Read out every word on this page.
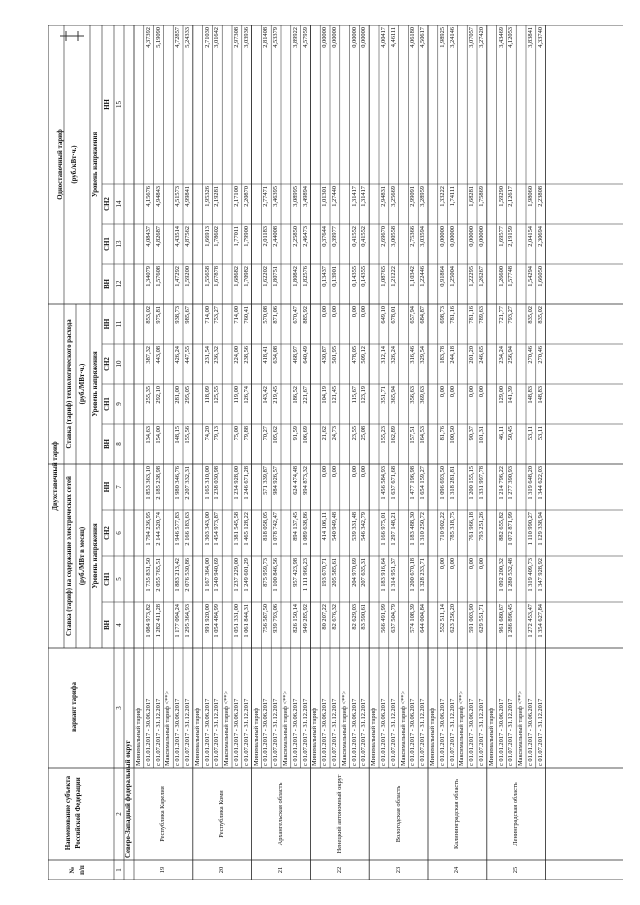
№ п/п
Наименование субъекта Российской Федерации
вариант тарифа
Двухставочный тариф
Ставка (тариф) на содержание электрических сетей (руб./МВт в месяц)
Ставка (тариф) технологического расхода (руб./МВт·ч.)
Одноставочный тариф (руб./кВт·ч.)
Уровень напряжения
Уровень напряжения
Уровень напряжения
ВН
СН1
СН2
НН
ВН
СН1
СН2
НН
ВН
СН1
СН2
НН
1
2
3
4
5
6
7
8
9
10
11
12
13
14
15
Северо-Западный федеральный округ
Минимальный тариф с 01.01.2017 - 30.06.2017
1 084 973,82
1 735 831,50
1 794 236,95
1 853 363,10
134,63
255,35
387,32
853,02
1,34079
4,08437
4,15676
4,37392
с 01.07.2017 - 31.12.2017
1 282 411,28
2 055 765,51
2 144 520,74
2 185 238,98
154,00
292,10
443,08
975,81
1,57608
4,82687
4,94843
5,19090
Максимальный тариф <**> с 01.01.2017 - 30.06.2017
1 177 094,24
1 883 213,42
1 946 577,83
1 980 346,76
148,15
281,00
426,24
938,73
1,47292
4,43514
4,51573
4,72857
с 01.07.2017 - 31.12.2017
1 295 364,93
2 076 530,86
2 166 183,63
2 207 332,31
155,56
295,05
447,55
985,67
1,59200
4,87562
4,99841
5,24333
19
Республика Карелия
Минимальный тариф с 01.01.2017 - 30.06.2017
991 920,00
1 167 364,00
1 303 343,00
1 165 310,00
74,20
118,09
231,54
714,00
1,55658
1,66913
1,95326
2,71030
с 01.07.2017 - 31.12.2017
1 054 484,99
1 240 940,69
1 454 973,87
1 238 030,98
79,13
125,55
236,32
753,27
1,67878
1,78602
2,19281
3,01642
Максимальный тариф <**> с 01.01.2017 - 30.06.2017
1 051 331,00
1 237 229,00
1 381 545,58
1 234 928,00
75,00
119,00
224,00
714,00
1,68682
1,77011
2,17100
2,97308
с 01.07.2017 - 31.12.2017
1 061 844,31
1 249 601,29
1 465 128,22
1 246 671,28
79,88
126,74
238,56
760,41
1,70982
1,79900
2,20870
3,03936
20
Республика Коми
Минимальный тариф с 01.01.2017 - 30.06.2017
756 587,50
875 959,73
818 058,05
571 339,87
70,27
143,42
418,41
570,08
1,62202
2,01183
2,77471
2,81408
с 01.07.2017 - 31.12.2017
939 793,06
1 100 846,56
1 078 742,47
984 926,57
105,62
219,45
634,08
871,06
1,80751
2,44008
3,46395
4,53379
Максимальный тариф <**> с 01.01.2017 - 30.06.2017
826 150,14
957 423,98
894 137,45
624 474,48
91,59
186,52
468,97
670,47
1,80842
2,25850
3,08995
3,89922
с 01.07.2017 - 31.12.2017
949 285,92
1 111 966,23
1 089 638,86
994 873,32
106,69
221,67
640,49
885,92
1,82576
2,46473
3,49894
4,57959
21
Архангельская область
Минимальный тариф с 01.01.2017 - 30.06.2017
80 207,22
193 670,71
414 106,11
0,00
21,62
104,19
430,87
0,00
0,13437
0,37644
1,01301
0,00000
с 01.07.2017 - 31.12.2017
82 676,32
205 585,61
540 949,48
0,00
24,73
121,45
501,95
0,00
0,13901
0,39977
1,27440
0,00000
Максимальный тариф <**> с 01.01.2017 - 30.06.2017
82 629,03
204 970,69
539 331,48
0,00
23,55
115,67
478,05
0,00
0,14355
0,41552
1,31417
0,00000
с 01.07.2017 - 31.12.2017
83 590,61
207 635,31
546 342,79
0,00
25,08
123,19
509,12
0,00
0,14355
0,41552
1,31417
0,00000
22
Ненецкий автономный округ
Минимальный тариф с 01.01.2017 - 30.06.2017
566 491,99
1 183 916,64
1 166 975,01
1 456 584,93
155,23
351,71
312,14
649,10
1,08765
2,69670
2,94831
4,00417
с 01.07.2017 - 31.12.2017
637 504,79
1 314 951,37
1 297 148,21
1 637 671,68
162,89
365,94
326,24
678,01
1,21222
3,00558
3,25669
4,46111
Максимальный тариф <**> с 01.01.2017 - 30.06.2017
574 108,39
1 200 670,18
1 183 488,30
1 477 196,98
157,51
356,63
316,46
657,94
1,10342
2,75366
2,99091
4,06180
с 01.07.2017 - 31.12.2017
644 004,84
1 328 233,71
1 310 250,72
1 654 159,27
164,53
369,63
329,54
684,87
1,22446
3,03594
3,28959
4,50617
23
Вологодская область
Минимальный тариф с 01.01.2017 - 30.06.2017
552 511,14
0,00
710 902,22
1 096 693,50
81,76
0,00
183,78
698,73
0,91864
0,00000
1,33222
1,98925
с 01.07.2017 - 31.12.2017
623 256,20
0,00
785 318,75
1 318 281,81
100,50
0,00
244,18
781,16
1,25004
0,00000
1,74111
3,24146
Максимальный тариф <**> с 01.01.2017 - 30.06.2017
591 003,90
0,00
761 966,18
1 200 155,15
90,37
0,00
201,20
781,16
1,22295
0,00000
1,68281
3,07057
с 01.07.2017 - 31.12.2017
629 551,71
0,00
793 251,26
1 331 997,78
101,31
0,00
246,65
789,63
1,26267
0,00000
1,75869
3,27420
24
Калининградская область
Минимальный тариф с 01.01.2017 - 30.06.2017
961 680,67
1 092 200,32
882 655,82
1 214 796,22
46,11
129,00
234,24
721,77
1,26600
1,69577
1,59290
3,43469
с 01.07.2017 - 31.12.2017
1 286 896,45
1 280 532,48
1 072 871,99
1 277 390,93
50,45
141,39
256,94
793,27
1,57748
2,19159
2,12617
4,12053
Максимальный тариф <**> с 01.01.2017 - 30.06.2017
1 272 453,47
1 319 409,73
1 110 990,27
1 319 648,20
53,11
148,83
270,46
835,02
1,54294
2,04154
1,98060
3,83841
с 01.07.2017 - 31.12.2017
1 354 627,84
1 347 928,92
1 129 338,94
1 344 622,03
53,11
148,83
270,46
835,02
1,66050
2,30694
2,23808
4,33740
25
Ленинградская область
